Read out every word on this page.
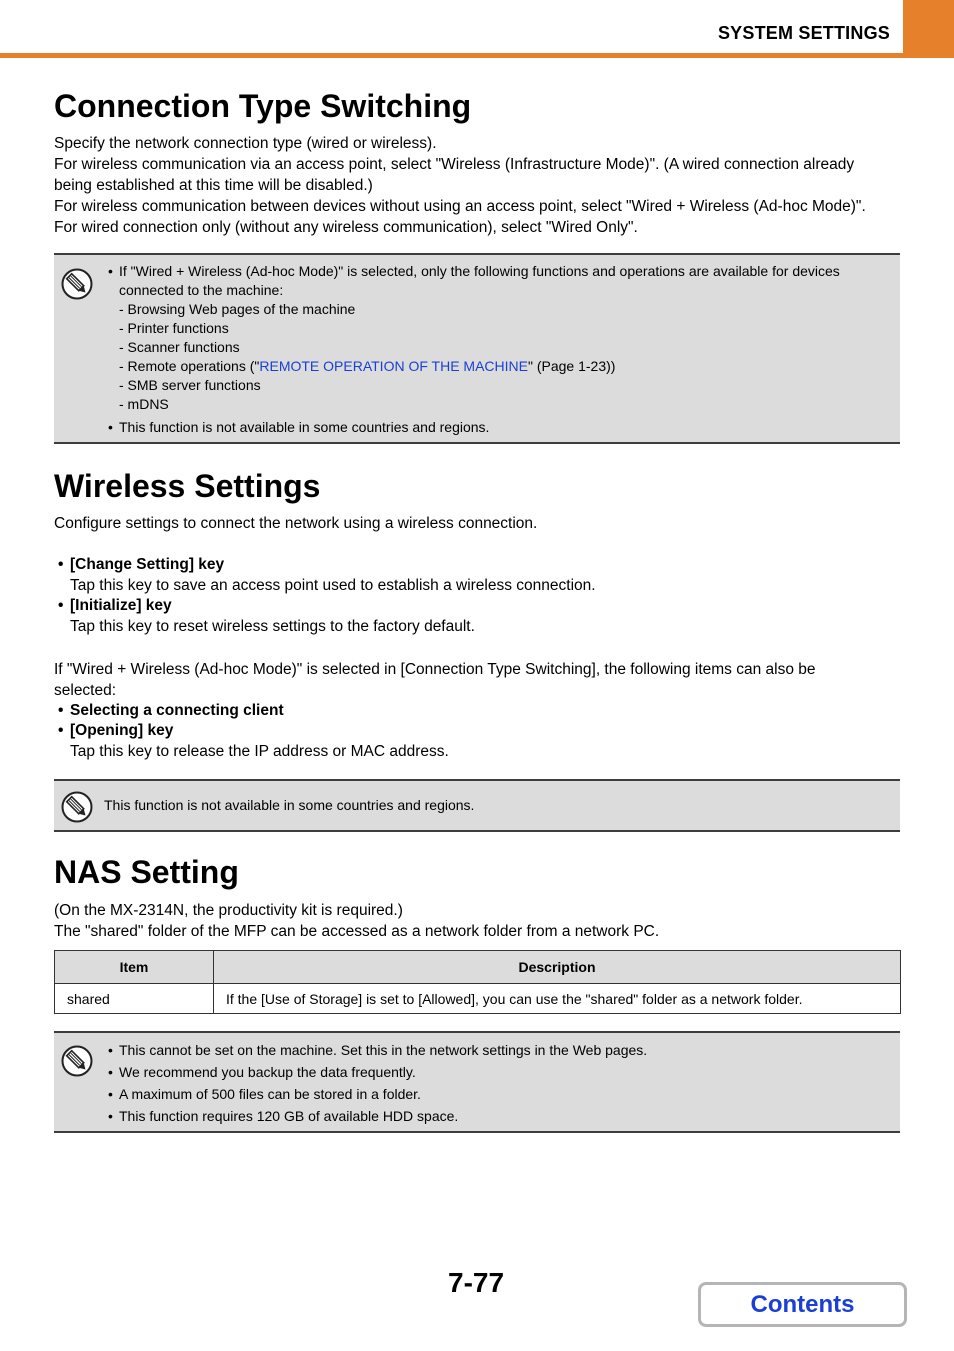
SYSTEM SETTINGS
Connection Type Switching
Specify the network connection type (wired or wireless).
For wireless communication via an access point, select "Wireless (Infrastructure Mode)". (A wired connection already
being established at this time will be disabled.)
For wireless communication between devices without using an access point, select "Wired + Wireless (Ad-hoc Mode)".
For wired connection only (without any wireless communication), select "Wired Only".
• If "Wired + Wireless (Ad-hoc Mode)" is selected, only the following functions and operations are available for devices
connected to the machine:
- Browsing Web pages of the machine
- Printer functions
- Scanner functions
- Remote operations ("REMOTE OPERATION OF THE MACHINE" (Page 1-23))
- SMB server functions
- mDNS
• This function is not available in some countries and regions.
Wireless Settings
Configure settings to connect the network using a wireless connection.
• [Change Setting] key
Tap this key to save an access point used to establish a wireless connection.
• [Initialize] key
Tap this key to reset wireless settings to the factory default.
If "Wired + Wireless (Ad-hoc Mode)" is selected in [Connection Type Switching], the following items can also be
selected:
• Selecting a connecting client
• [Opening] key
Tap this key to release the IP address or MAC address.
This function is not available in some countries and regions.
NAS Setting
(On the MX-2314N, the productivity kit is required.)
The "shared" folder of the MFP can be accessed as a network folder from a network PC.
Item	Description
shared	If the [Use of Storage] is set to [Allowed], you can use the "shared" folder as a network folder.
• This cannot be set on the machine. Set this in the network settings in the Web pages.
• We recommend you backup the data frequently.
• A maximum of 500 files can be stored in a folder.
• This function requires 120 GB of available HDD space.
7-77
Contents
